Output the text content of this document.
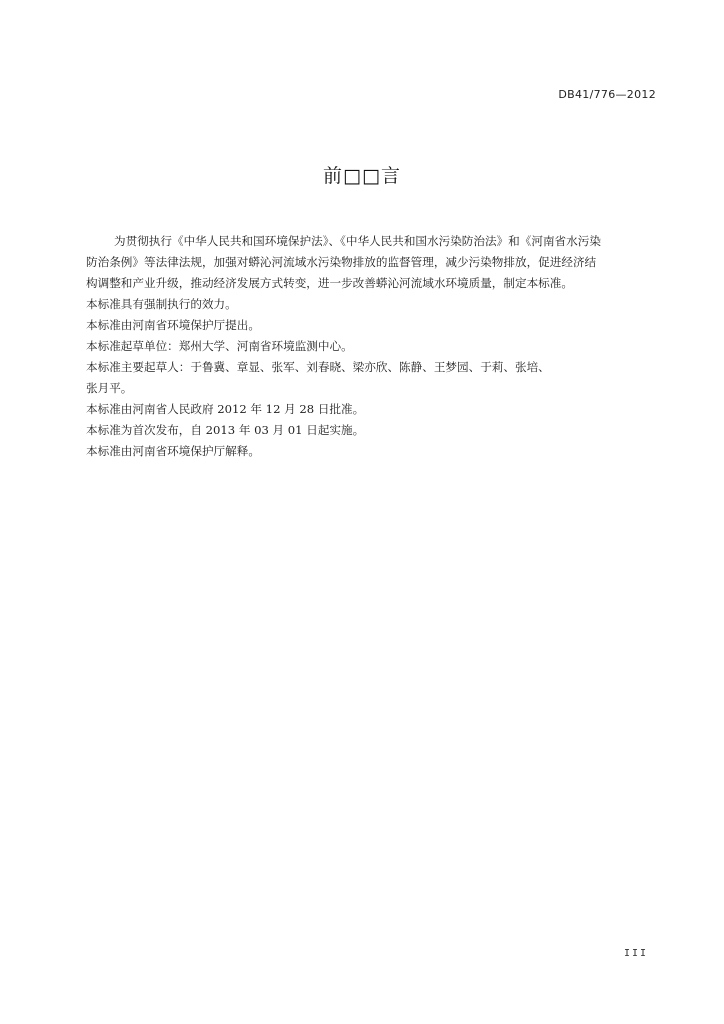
DB41/776—2012
前□□言

为贯彻执行《中华人民共和国环境保护法》、《中华人民共和国水污染防治法》和《河南省水污染

防治条例》等法律法规，加强对蟒沁河流域水污染物排放的监督管理，减少污染物排放，促进经济结

构调整和产业升级，推动经济发展方式转变，进一步改善蟒沁河流域水环境质量，制定本标准。

本标准具有强制执行的效力。

本标准由河南省环境保护厅提出。

本标准起草单位：郑州大学、河南省环境监测中心。

本标准主要起草人：于鲁冀、章显、张军、刘春晓、梁亦欣、陈静、王梦园、于莉、张培、

张月平。

本标准由河南省人民政府 2012 年 12 月 28 日批准。

本标准为首次发布，自 2013 年 03 月 01 日起实施。

本标准由河南省环境保护厅解释。

III
